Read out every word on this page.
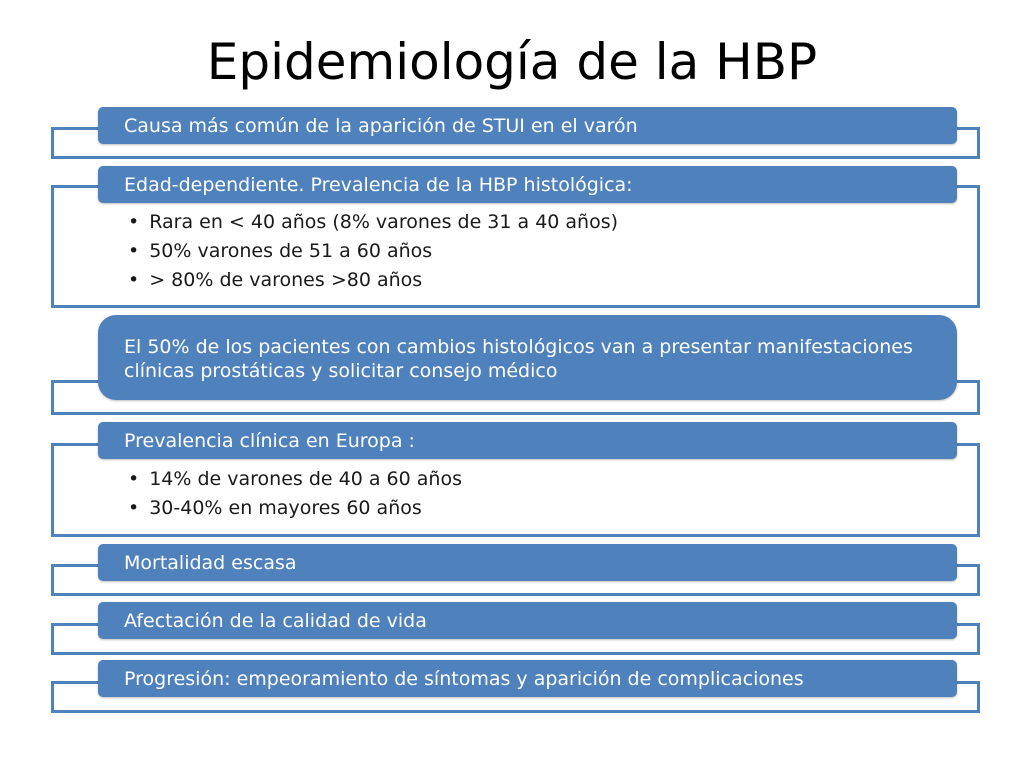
Epidemiología de la HBP
Causa más común de la aparición de STUI en el varón
Edad-dependiente. Prevalencia de la HBP histológica:
• Rara en < 40 años (8% varones de 31 a 40 años)
• 50% varones de 51 a 60 años
• > 80% de varones >80 años
El 50% de los pacientes con cambios histológicos van a presentar manifestaciones clínicas prostáticas y solicitar consejo médico
Prevalencia clínica en Europa :
• 14% de varones de 40 a 60 años
• 30-40% en mayores 60 años
Mortalidad escasa
Afectación de la calidad de vida
Progresión: empeoramiento de síntomas y aparición de complicaciones
